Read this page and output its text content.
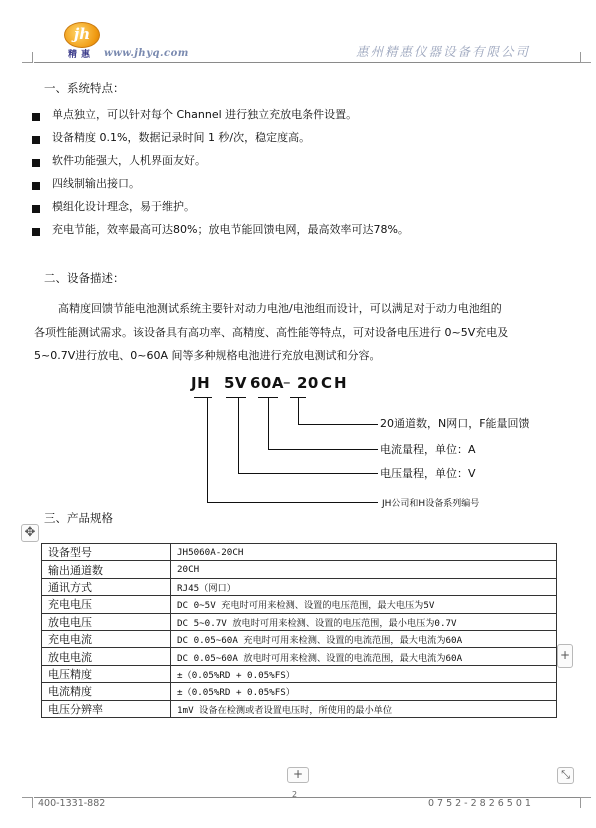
jh
精惠 www.jhyq.com	惠州精惠仪器设备有限公司
一、系统特点：
单点独立，可以针对每个 Channel 进行独立充放电条件设置。
设备精度 0.1%，数据记录时间 1 秒/次，稳定度高。
软件功能强大，人机界面友好。
四线制输出接口。
模组化设计理念，易于维护。
充电节能，效率最高可达80%；放电节能回馈电网，最高效率可达78%。
二、设备描述：
高精度回馈节能电池测试系统主要针对动力电池/电池组而设计，可以满足对于动力电池组的
各项性能测试需求。该设备具有高功率、高精度、高性能等特点，可对设备电压进行 0~5V充电及
5~0.7V进行放电、0~60A 间等多种规格电池进行充放电测试和分容。
JH 5V 60A – 20 C H
20通道数，N网口，F能量回馈
电流量程，单位：A
电压量程，单位：V
JH公司和H设备系列编号
✥
三、产品规格
设备型号	JH5060A-20CH
输出通道数	20CH
通讯方式	RJ45（网口）
充电电压	DC 0~5V 充电时可用来检测、设置的电压范围，最大电压为5V
放电电压	DC 5~0.7V 放电时可用来检测、设置的电压范围，最小电压为0.7V
充电电流	DC 0.05~60A 充电时可用来检测、设置的电流范围，最大电流为60A
放电电流	DC 0.05~60A 放电时可用来检测、设置的电流范围，最大电流为60A
电压精度	±（0.05%RD + 0.05%FS）
电流精度	±（0.05%RD + 0.05%FS）
电压分辨率	1mV 设备在检测或者设置电压时，所使用的最小单位
+
+	⤡
2
400-1331-882	0752-2826501
